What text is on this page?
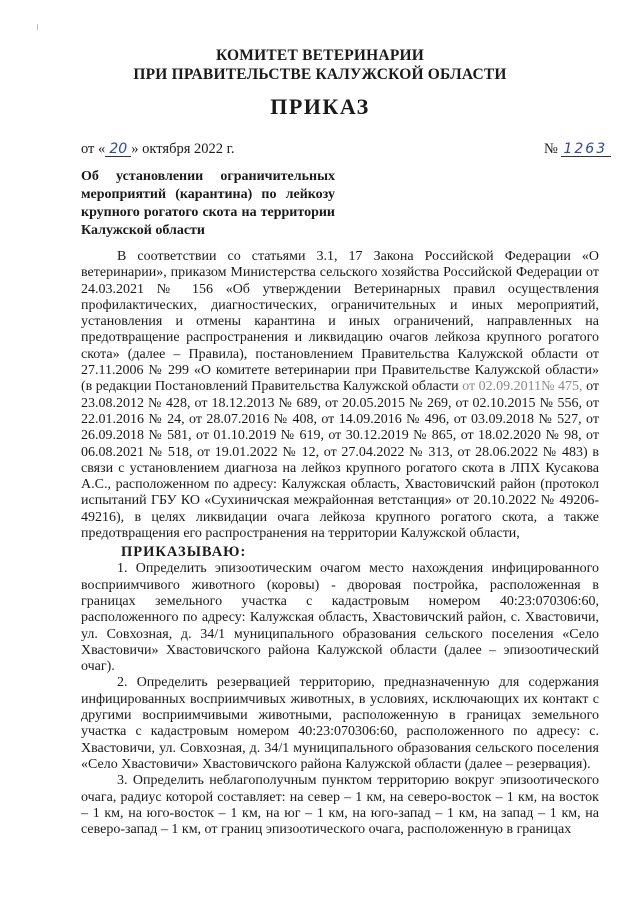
КОМИТЕТ ВЕТЕРИНАРИИ
ПРИ ПРАВИТЕЛЬСТВЕ КАЛУЖСКОЙ ОБЛАСТИ
ПРИКАЗ
от « 20 » октября 2022 г.	№ 1263
Об установлении ограничительных мероприятий (карантина) по лейкозу крупного рогатого скота на территории Калужской области

В соответствии со статьями 3.1, 17 Закона Российской Федерации «О ветеринарии», приказом Министерства сельского хозяйства Российской Федерации от 24.03.2021 № 156 «Об утверждении Ветеринарных правил осуществления профилактических, диагностических, ограничительных и иных мероприятий, установления и отмены карантина и иных ограничений, направленных на предотвращение распространения и ликвидацию очагов лейкоза крупного рогатого скота» (далее – Правила), постановлением Правительства Калужской области от 27.11.2006 № 299 «О комитете ветеринарии при Правительстве Калужской области» (в редакции Постановлений Правительства Калужской области от 02.09.2011№ 475, от 23.08.2012 № 428, от 18.12.2013 № 689, от 20.05.2015 № 269, от 02.10.2015 № 556, от 22.01.2016 № 24, от 28.07.2016 № 408, от 14.09.2016 № 496, от 03.09.2018 № 527, от 26.09.2018 № 581, от 01.10.2019 № 619, от 30.12.2019 № 865, от 18.02.2020 № 98, от 06.08.2021 № 518, от 19.01.2022 № 12, от 27.04.2022 № 313, от 28.06.2022 № 483) в связи с установлением диагноза на лейкоз крупного рогатого скота в ЛПХ Кусакова А.С., расположенном по адресу: Калужская область, Хвастовичский район (протокол испытаний ГБУ КО «Сухиничская межрайонная ветстанция» от 20.10.2022 № 49206-49216), в целях ликвидации очага лейкоза крупного рогатого скота, а также предотвращения его распространения на территории Калужской области,

ПРИКАЗЫВАЮ:

1. Определить эпизоотическим очагом место нахождения инфицированного восприимчивого животного (коровы) - дворовая постройка, расположенная в границах земельного участка с кадастровым номером 40:23:070306:60, расположенного по адресу: Калужская область, Хвастовичский район, с. Хвастовичи, ул. Совхозная, д. 34/1 муниципального образования сельского поселения «Село Хвастовичи» Хвастовичского района Калужской области (далее – эпизоотический очаг).

2. Определить резервацией территорию, предназначенную для содержания инфицированных восприимчивых животных, в условиях, исключающих их контакт с другими восприимчивыми животными, расположенную в границах земельного участка с кадастровым номером 40:23:070306:60, расположенного по адресу: с. Хвастовичи, ул. Совхозная, д. 34/1 муниципального образования сельского поселения «Село Хвастовичи» Хвастовичского района Калужской области (далее – резервация).

3. Определить неблагополучным пунктом территорию вокруг эпизоотического очага, радиус которой составляет: на север – 1 км, на северо-восток – 1 км, на восток – 1 км, на юго-восток – 1 км, на юг – 1 км, на юго-запад – 1 км, на запад – 1 км, на северо-запад – 1 км, от границ эпизоотического очага, расположенную в границах
